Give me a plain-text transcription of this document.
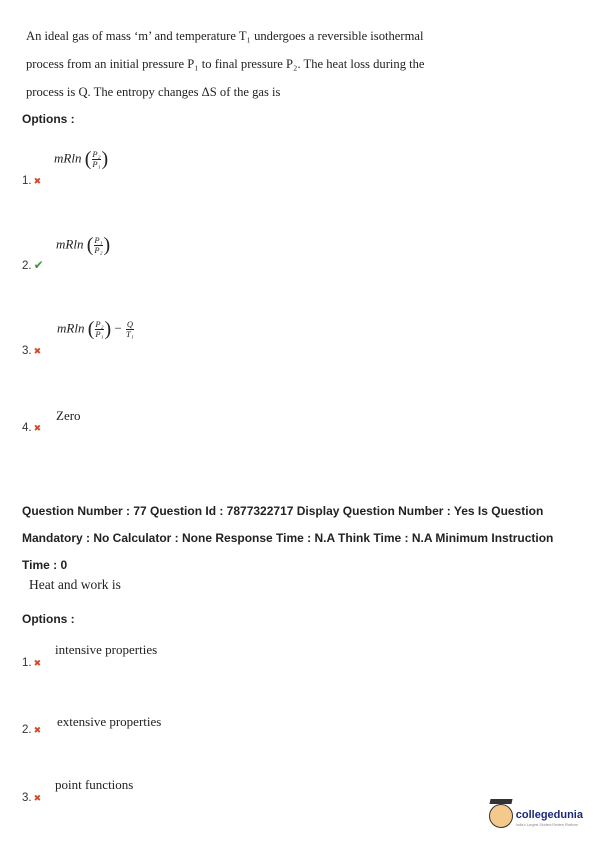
An ideal gas of mass ‘m’ and temperature T₁ undergoes a reversible isothermal process from an initial pressure P₁ to final pressure P₂. The heat loss during the process is Q. The entropy changes ΔS of the gas is
Options :
mRln ( $\frac{\text{P₂}}{\text{P₁}}$ )
1. ✖
mRln ( $\frac{\text{P₁}}{\text{P₂}}$ )
2. ✔
mRln ( $\frac{\text{P₂}}{\text{P₁}}$ ) − $\frac{Q}{\text{T₁}}$
3. ✖
Zero
4. ✖
Question Number : 77 Question Id : 7877322717 Display Question Number : Yes Is Question
Mandatory : No Calculator : None Response Time : N.A Think Time : N.A Minimum Instruction
Time : 0
Heat and work is
Options :
intensive properties
1. ✖
extensive properties
2. ✖
point functions
3. ✖
collegedunia
India's Largest Student Review Platform
